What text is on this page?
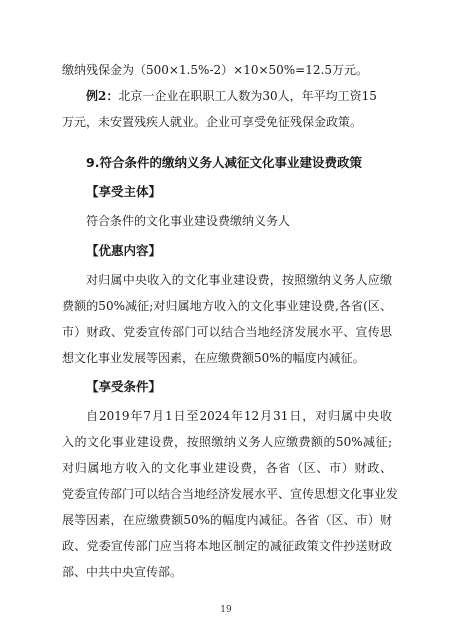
缴纳残保金为（500×1.5%-2）×10×50%=12.5万元。
例2：北京一企业在职职工人数为30人，年平均工资15
万元，未安置残疾人就业。企业可享受免征残保金政策。
9.符合条件的缴纳义务人减征文化事业建设费政策
【享受主体】
符合条件的文化事业建设费缴纳义务人
【优惠内容】
对归属中央收入的文化事业建设费，按照缴纳义务人应缴
费额的50%减征;对归属地方收入的文化事业建设费,各省(区、
市）财政、党委宣传部门可以结合当地经济发展水平、宣传思
想文化事业发展等因素，在应缴费额50%的幅度内减征。
【享受条件】
自2019年7月1日至2024年12月31日，对归属中央收
入的文化事业建设费，按照缴纳义务人应缴费额的50%减征;
对归属地方收入的文化事业建设费，各省（区、市）财政、
党委宣传部门可以结合当地经济发展水平、宣传思想文化事业发
展等因素，在应缴费额50%的幅度内减征。各省（区、市）财
政、党委宣传部门应当将本地区制定的减征政策文件抄送财政
部、中共中央宣传部。
19
